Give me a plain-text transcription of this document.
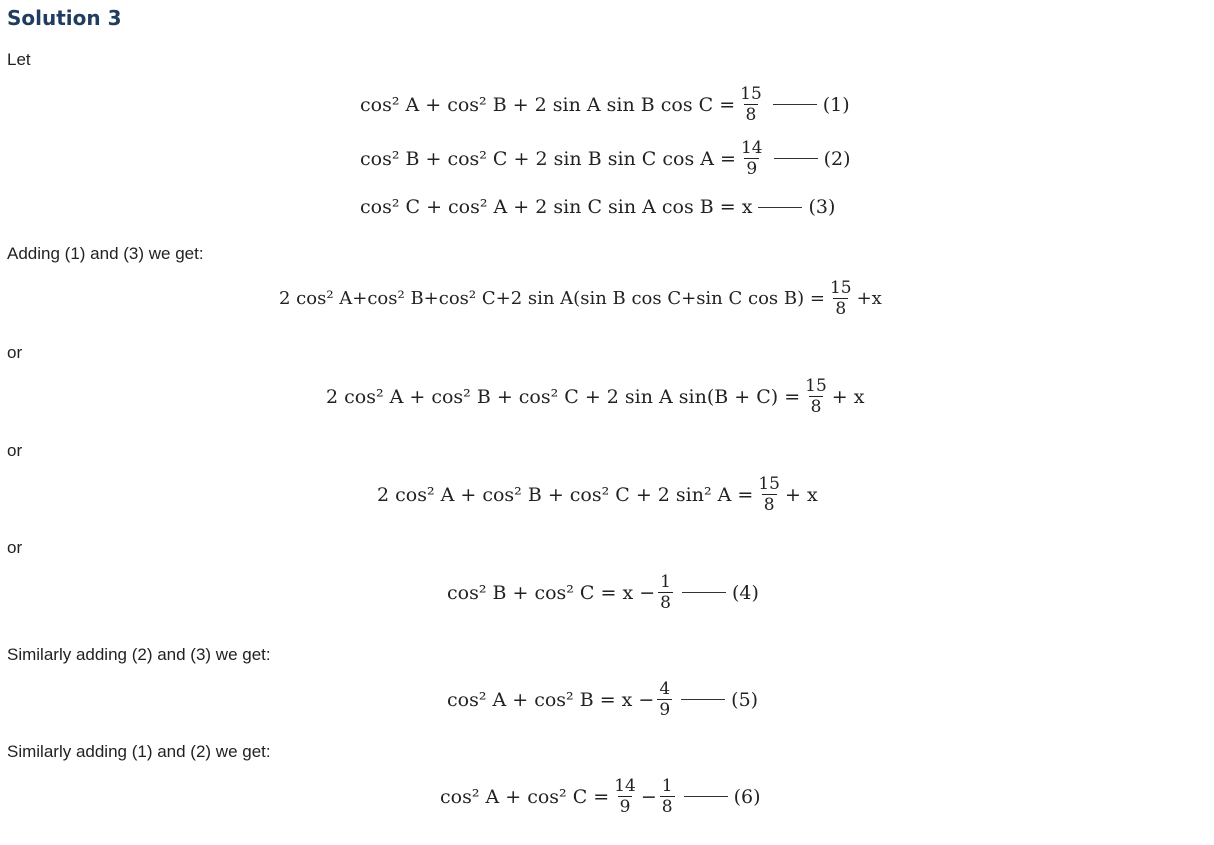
Solution 3

Let

cos² A + cos² B + 2 sin A sin B $\cos C = \frac{15}{8}$	(1)
cos² B + cos² C + 2 sin B sin C $\cos A = \frac{14}{9}$	(2)
cos² C + cos² A + 2 sin C sin A cos B = x	(3)

Adding (1) and (3) we get:

2 cos² A+cos² B+cos² C+2 sin A(sin B cos C+sin C $\cos B) = \frac{15}{8} +x$

or

2 cos² A + cos² B + cos² C + 2 sin A $\sin(B + C) = \frac{15}{8} + x$

or

2 cos² A + cos² B + cos² C + 2 sin² $A = \frac{15}{8} + x$

or

cos² B + cos² $C = x - \frac{1}{8}$	(4)

Similarly adding (2) and (3) we get:

cos² A + cos² $B = x - \frac{4}{9}$	(5)

Similarly adding (1) and (2) we get:

cos² A + cos² $C = \frac{14}{9} - \frac{1}{8}$	(6)
